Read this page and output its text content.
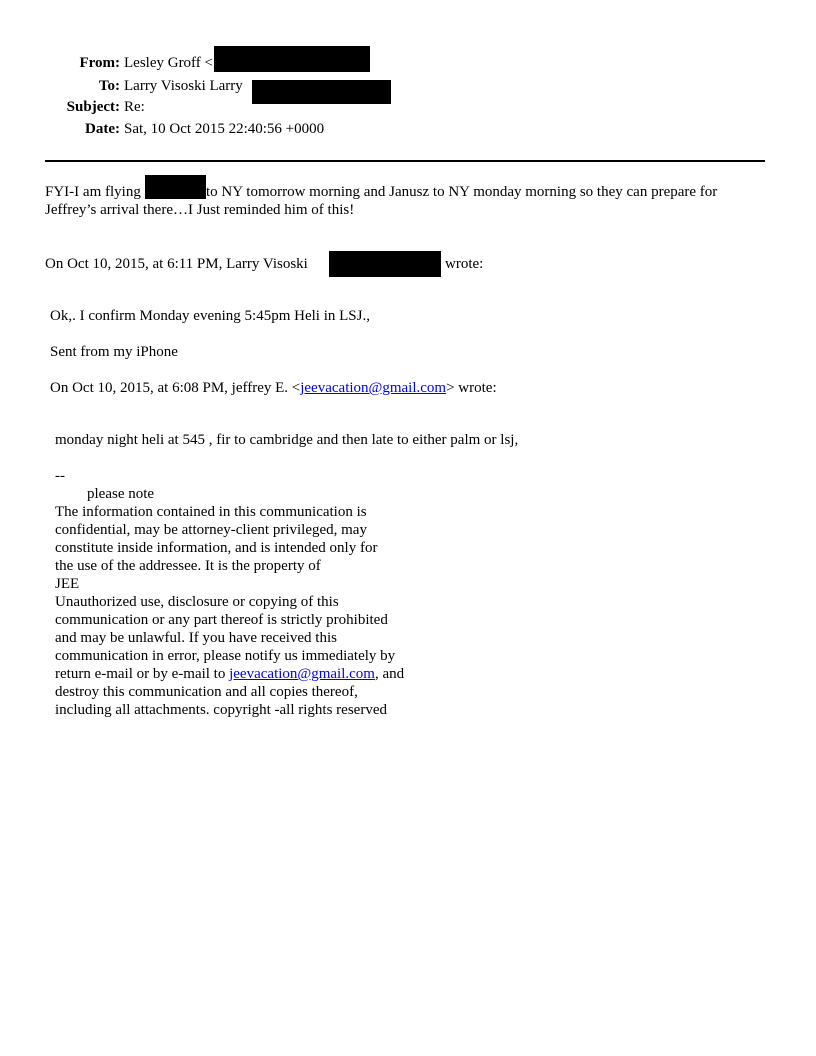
From: Lesley Groff <
To: Larry Visoski Larry
Subject: Re:
Date: Sat, 10 Oct 2015 22:40:56 +0000
FYI-I am flying	to NY tomorrow morning and Janusz to NY monday morning so they can prepare for
Jeffrey’s arrival there…I Just reminded him of this!
On Oct 10, 2015, at 6:11 PM, Larry Visoski	wrote:
Ok,. I confirm Monday evening 5:45pm Heli in LSJ.,
Sent from my iPhone
On Oct 10, 2015, at 6:08 PM, jeffrey E. <jeevacation@gmail.com> wrote:
monday night heli at 545 , fir to cambridge and then late to either palm or lsj,
--
please note
The information contained in this communication is
confidential, may be attorney-client privileged, may
constitute inside information, and is intended only for
the use of the addressee. It is the property of
JEE
Unauthorized use, disclosure or copying of this
communication or any part thereof is strictly prohibited
and may be unlawful. If you have received this
communication in error, please notify us immediately by
return e-mail or by e-mail to jeevacation@gmail.com, and
destroy this communication and all copies thereof,
including all attachments. copyright -all rights reserved
